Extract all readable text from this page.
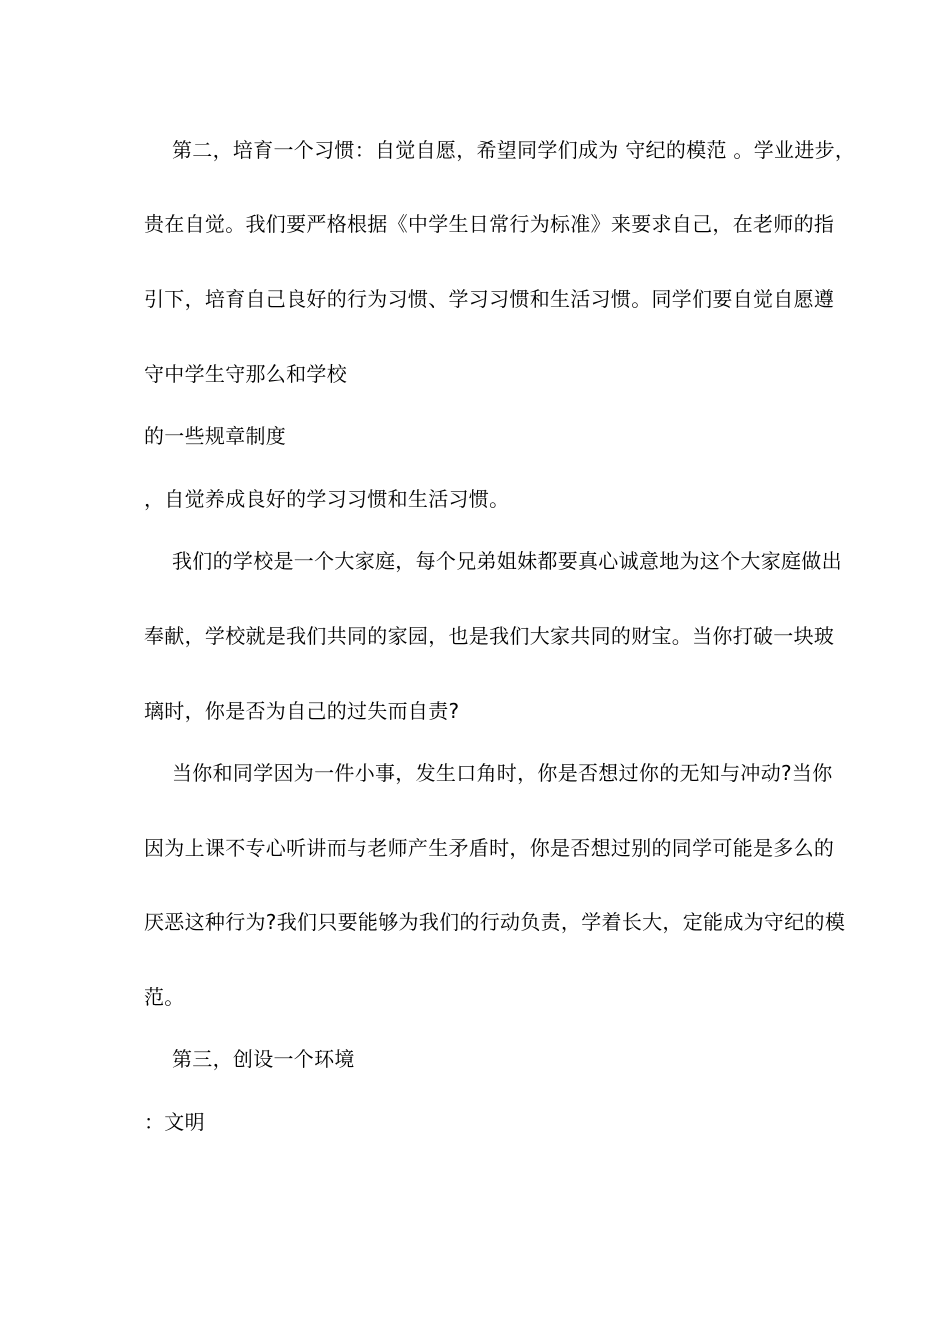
第二，培育一个习惯：自觉自愿，希望同学们成为 守纪的模范 。学业进步，
贵在自觉。我们要严格根据《中学生日常行为标准》来要求自己，在老师的指
引下，培育自己良好的行为习惯、学习习惯和生活习惯。同学们要自觉自愿遵
守中学生守那么和学校
的一些规章制度
，自觉养成良好的学习习惯和生活习惯。
我们的学校是一个大家庭，每个兄弟姐妹都要真心诚意地为这个大家庭做出
奉献，学校就是我们共同的家园，也是我们大家共同的财宝。当你打破一块玻
璃时，你是否为自己的过失而自责?
当你和同学因为一件小事，发生口角时，你是否想过你的无知与冲动?当你
因为上课不专心听讲而与老师产生矛盾时，你是否想过别的同学可能是多么的
厌恶这种行为?我们只要能够为我们的行动负责，学着长大，定能成为守纪的模
范。
第三，创设一个环境
：文明
